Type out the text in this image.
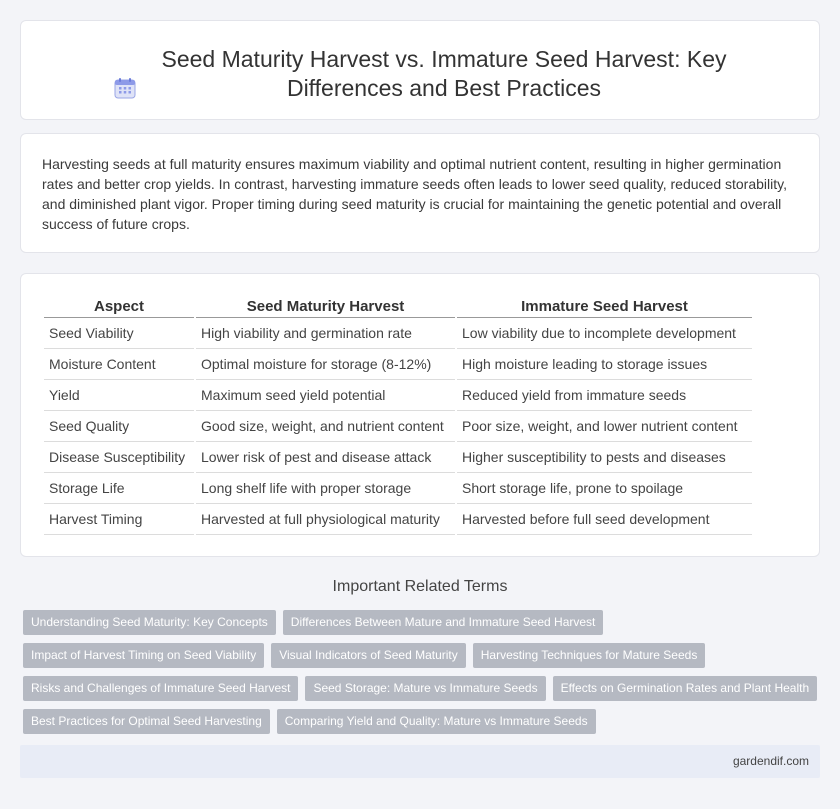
Seed Maturity Harvest vs. Immature Seed Harvest: Key
Differences and Best Practices

Harvesting seeds at full maturity ensures maximum viability and optimal nutrient content, resulting in higher germination rates and better crop yields. In contrast, harvesting immature seeds often leads to lower seed quality, reduced storability, and diminished plant vigor. Proper timing during seed maturity is crucial for maintaining the genetic potential and overall success of future crops.

Aspect	Seed Maturity Harvest	Immature Seed Harvest
Seed Viability	High viability and germination rate	Low viability due to incomplete development
Moisture Content	Optimal moisture for storage (8-12%)	High moisture leading to storage issues
Yield	Maximum seed yield potential	Reduced yield from immature seeds
Seed Quality	Good size, weight, and nutrient content	Poor size, weight, and lower nutrient content
Disease Susceptibility	Lower risk of pest and disease attack	Higher susceptibility to pests and diseases
Storage Life	Long shelf life with proper storage	Short storage life, prone to spoilage
Harvest Timing	Harvested at full physiological maturity	Harvested before full seed development
Important Related Terms
Understanding Seed Maturity: Key Concepts	Differences Between Mature and Immature Seed Harvest
Impact of Harvest Timing on Seed Viability	Visual Indicators of Seed Maturity	Harvesting Techniques for Mature Seeds
Risks and Challenges of Immature Seed Harvest	Seed Storage: Mature vs Immature Seeds	Effects on Germination Rates and Plant Health
Best Practices for Optimal Seed Harvesting	Comparing Yield and Quality: Mature vs Immature Seeds
gardendif.com
